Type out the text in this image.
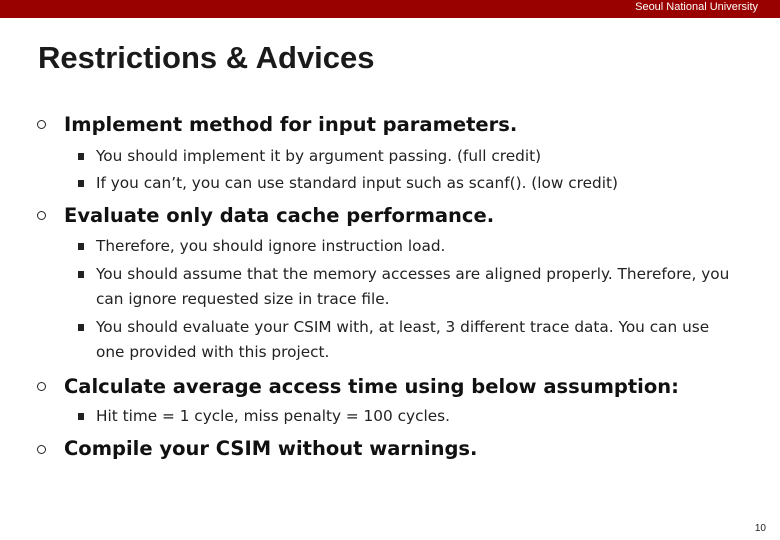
Seoul National University
Restrictions & Advices
Implement method for input parameters.
You should implement it by argument passing. (full credit)
If you can’t, you can use standard input such as scanf(). (low credit)
Evaluate only data cache performance.
Therefore, you should ignore instruction load.
You should assume that the memory accesses are aligned properly. Therefore, you can ignore requested size in trace file.
You should evaluate your CSIM with, at least, 3 different trace data. You can use one provided with this project.
Calculate average access time using below assumption:
Hit time = 1 cycle, miss penalty = 100 cycles.
Compile your CSIM without warnings.
10
